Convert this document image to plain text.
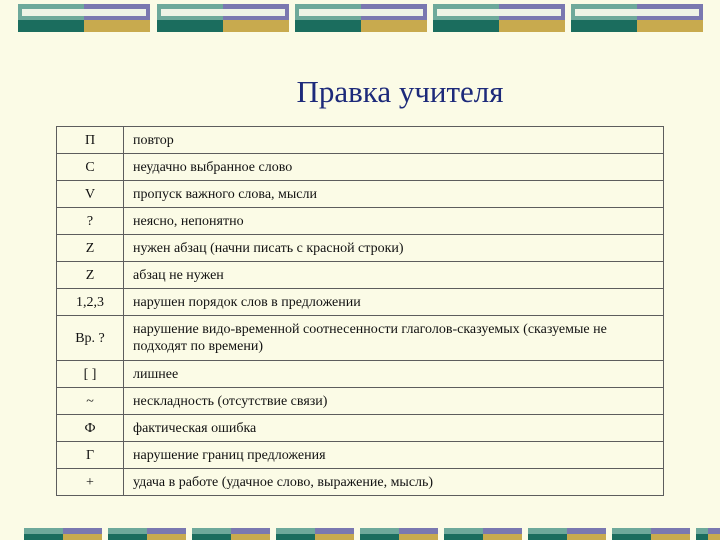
Правка учителя
П	повтор
С	неудачно выбранное слово
V	пропуск важного слова, мысли
?	неясно, непонятно
Z	нужен абзац (начни писать с красной строки)
Z	абзац не нужен
1,2,3	нарушен порядок слов в предложении
Вр. ?	нарушение видо-временной соотнесенности глаголов-сказуемых (сказуемые не подходят по времени)
[ ]	лишнее
~	нескладность (отсутствие связи)
Ф	фактическая ошибка
Г	нарушение границ предложения
+	удача в работе (удачное слово, выражение, мысль)
